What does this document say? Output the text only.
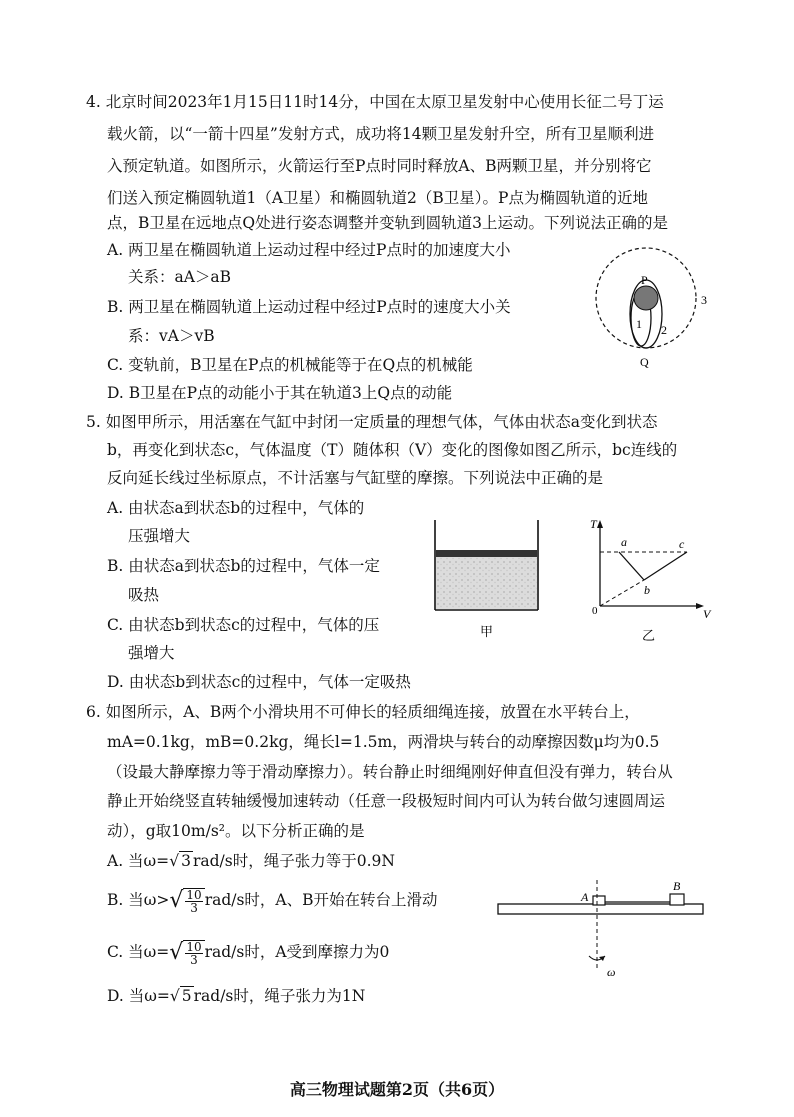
4. 北京时间2023年1月15日11时14分，中国在太原卫星发射中心使用长征二号丁运
载火箭，以“一箭十四星”发射方式，成功将14颗卫星发射升空，所有卫星顺利进
入预定轨道。如图所示，火箭运行至P点时同时释放A、B两颗卫星，并分别将它
们送入预定椭圆轨道1（A卫星）和椭圆轨道2（B卫星）。P点为椭圆轨道的近地
点，B卫星在远地点Q处进行姿态调整并变轨到圆轨道3上运动。下列说法正确的是
A. 两卫星在椭圆轨道上运动过程中经过P点时的加速度大小
关系：aA＞aB
B. 两卫星在椭圆轨道上运动过程中经过P点时的速度大小关
系：vA＞vB
C. 变轨前，B卫星在P点的机械能等于在Q点的机械能
D. B卫星在P点的动能小于其在轨道3上Q点的动能
P
Q
1 2
3
5. 如图甲所示，用活塞在气缸中封闭一定质量的理想气体，气体由状态a变化到状态
b，再变化到状态c，气体温度（T）随体积（V）变化的图像如图乙所示，bc连线的
反向延长线过坐标原点，不计活塞与气缸壁的摩擦。下列说法中正确的是
A. 由状态a到状态b的过程中，气体的
压强增大
B. 由状态a到状态b的过程中，气体一定
吸热
C. 由状态b到状态c的过程中，气体的压
强增大
D. 由状态b到状态c的过程中，气体一定吸热
甲
T
V
0
a
b
c
乙
6. 如图所示，A、B两个小滑块用不可伸长的轻质细绳连接，放置在水平转台上，
mA=0.1kg，mB=0.2kg，绳长l=1.5m，两滑块与转台的动摩擦因数μ均为0.5
（设最大静摩擦力等于滑动摩擦力）。转台静止时细绳刚好伸直但没有弹力，转台从
静止开始绕竖直转轴缓慢加速转动（任意一段极短时间内可认为转台做匀速圆周运
动），g取10m/s²。以下分析正确的是
A. 当ω=√ 3 rad/s时，绳子张力等于0.9N
B. 当$\omega>√ \frac{10}{3} rad/s$时，A、B开始在转台上滑动
C. 当$\omega=√ \frac{10}{3} rad/s$时，A受到摩擦力为0
D. 当ω=√ 5 rad/s时，绳子张力为1N
A
B
ω
高三物理试题第2页（共6页）
